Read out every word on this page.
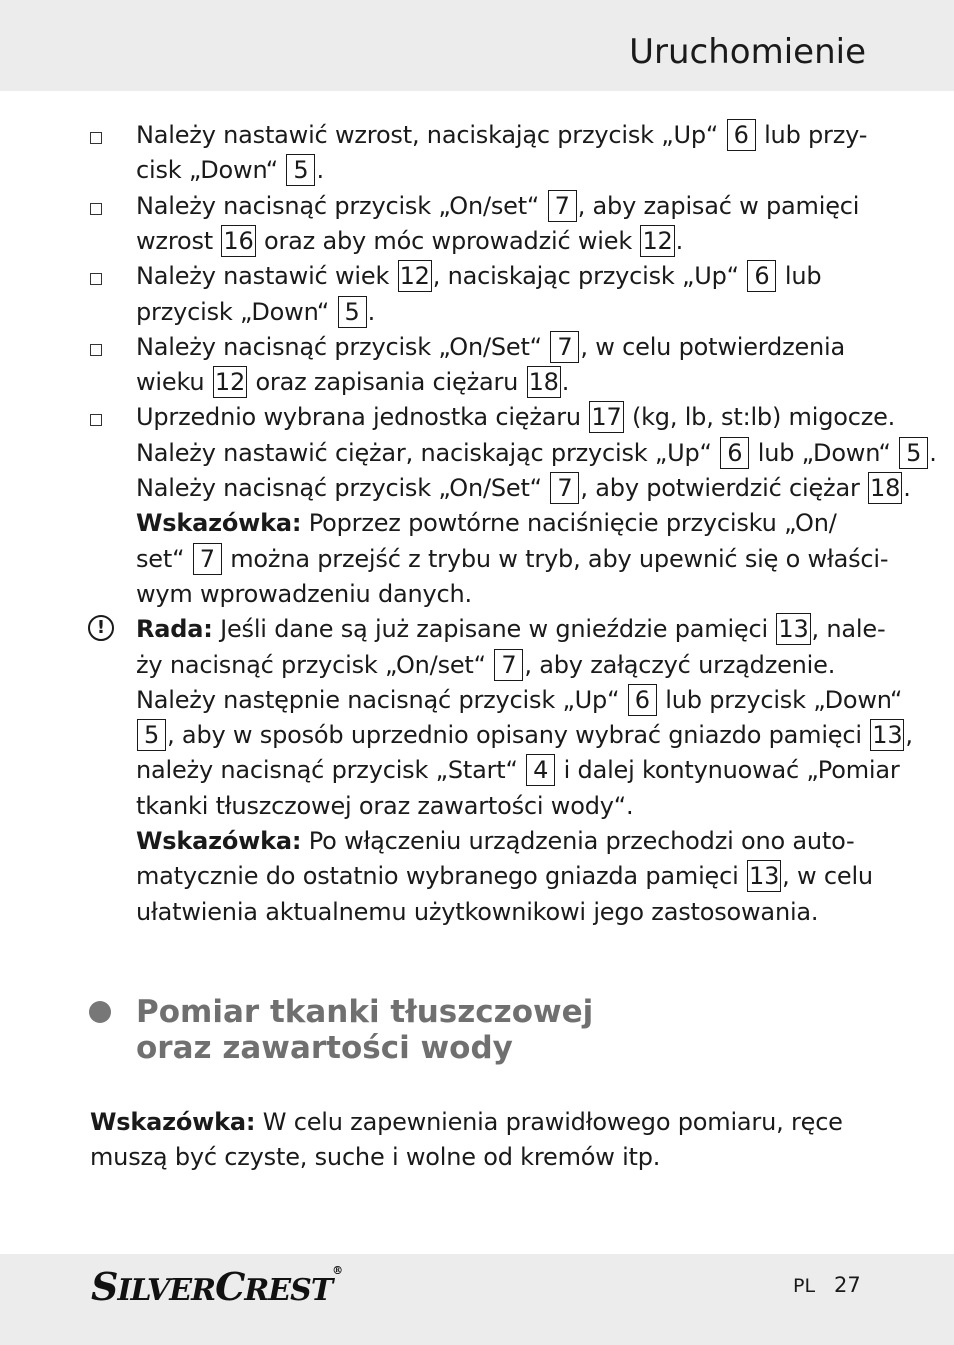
Uruchomienie
Należy nastawić wzrost, naciskając przycisk „Up“ 6 lub przy-
cisk „Down“ 5 .
Należy nacisnąć przycisk „On/set“ 7 , aby zapisać w pamięci
wzrost 16 oraz aby móc wprowadzić wiek 12 .
Należy nastawić wiek 12 , naciskając przycisk „Up“ 6 lub
przycisk „Down“ 5 .
Należy nacisnąć przycisk „On/Set“ 7 , w celu potwierdzenia
wieku 12 oraz zapisania ciężaru 18 .
Uprzednio wybrana jednostka ciężaru 17 (kg, lb, st:lb) migocze.
Należy nastawić ciężar, naciskając przycisk „Up“ 6 lub „Down“ 5 .
Należy nacisnąć przycisk „On/Set“ 7 , aby potwierdzić ciężar 18 .
Wskazówka: Poprzez powtórne naciśnięcie przycisku „On/
set“ 7 można przejść z trybu w tryb, aby upewnić się o właści-
wym wprowadzeniu danych.
Rada: Jeśli dane są już zapisane w gnieździe pamięci 13 , nale-
ży nacisnąć przycisk „On/set“ 7 , aby załączyć urządzenie.
Należy następnie nacisnąć przycisk „Up“ 6 lub przycisk „Down“
5 , aby w sposób uprzednio opisany wybrać gniazdo pamięci 13 ,
należy nacisnąć przycisk „Start“ 4 i dalej kontynuować „Pomiar
tkanki tłuszczowej oraz zawartości wody“.
Wskazówka: Po włączeniu urządzenia przechodzi ono auto-
matycznie do ostatnio wybranego gniazda pamięci 13 , w celu
ułatwienia aktualnemu użytkownikowi jego zastosowania.
!
Pomiar tkanki tłuszczowej
oraz zawartości wody
Wskazówka: W celu zapewnienia prawidłowego pomiaru, ręce
muszą być czyste, suche i wolne od kremów itp.
SILVERCREST®
PL 27
